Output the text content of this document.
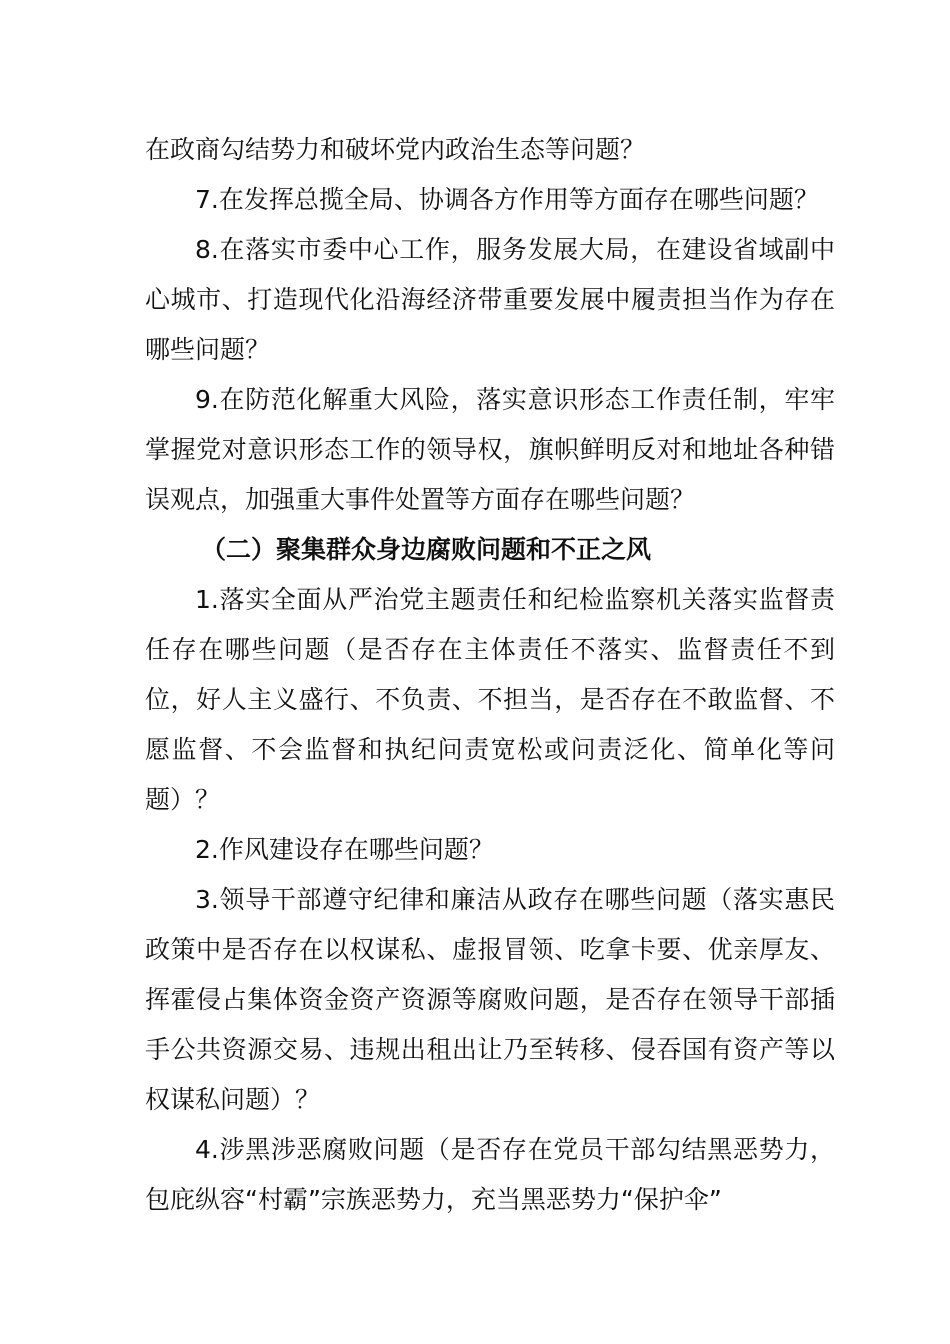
在政商勾结势力和破坏党内政治生态等问题？

7.在发挥总揽全局、协调各方作用等方面存在哪些问题？

8.在落实市委中心工作，服务发展大局，在建设省域副中心城市、打造现代化沿海经济带重要发展中履责担当作为存在哪些问题？

9.在防范化解重大风险，落实意识形态工作责任制，牢牢掌握党对意识形态工作的领导权，旗帜鲜明反对和地址各种错误观点，加强重大事件处置等方面存在哪些问题？

（二）聚集群众身边腐败问题和不正之风

1.落实全面从严治党主题责任和纪检监察机关落实监督责任存在哪些问题（是否存在主体责任不落实、监督责任不到位，好人主义盛行、不负责、不担当，是否存在不敢监督、不愿监督、不会监督和执纪问责宽松或问责泛化、简单化等问题）？

2.作风建设存在哪些问题？

3.领导干部遵守纪律和廉洁从政存在哪些问题（落实惠民政策中是否存在以权谋私、虚报冒领、吃拿卡要、优亲厚友、挥霍侵占集体资金资产资源等腐败问题，是否存在领导干部插手公共资源交易、违规出租出让乃至转移、侵吞国有资产等以权谋私问题）？

4.涉黑涉恶腐败问题（是否存在党员干部勾结黑恶势力，包庇纵容“村霸”宗族恶势力，充当黑恶势力“保护伞”
